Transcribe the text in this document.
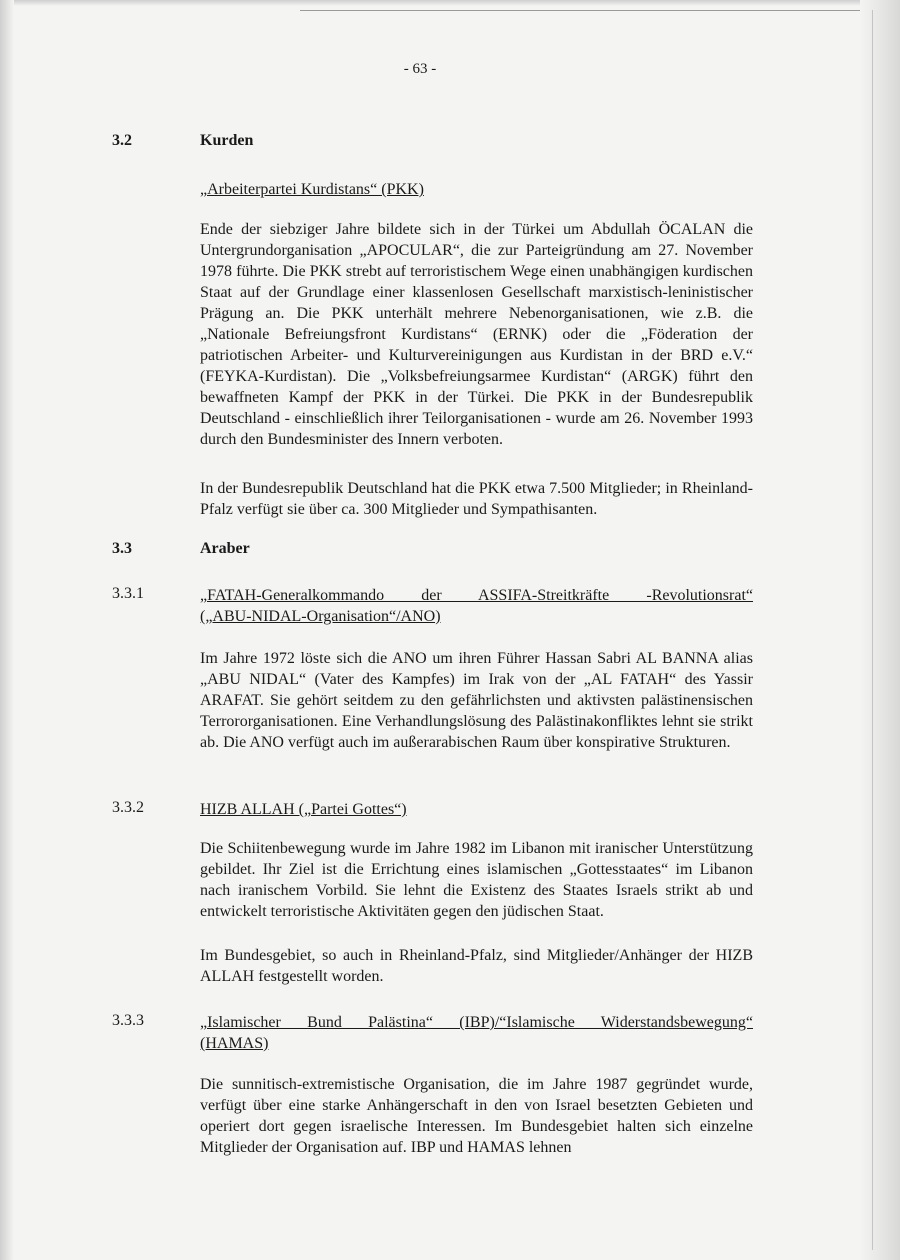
- 63 -
3.2	Kurden
„Arbeiterpartei Kurdistans“ (PKK)
Ende der siebziger Jahre bildete sich in der Türkei um Abdullah ÖCALAN die Untergrundorganisation „APOCULAR“, die zur Parteigründung am 27. November 1978 führte. Die PKK strebt auf terroristischem Wege einen unabhängigen kurdischen Staat auf der Grundlage einer klassenlosen Gesellschaft marxistisch-leninistischer Prägung an. Die PKK unterhält mehrere Nebenorganisationen, wie z.B. die „Nationale Befreiungsfront Kurdistans“ (ERNK) oder die „Föderation der patriotischen Arbeiter- und Kulturvereinigungen aus Kurdistan in der BRD e.V.“ (FEYKA-Kurdistan). Die „Volksbefreiungsarmee Kurdistan“ (ARGK) führt den bewaffneten Kampf der PKK in der Türkei. Die PKK in der Bundesrepublik Deutschland - einschließlich ihrer Teilorganisationen - wurde am 26. November 1993 durch den Bundesminister des Innern verboten.
In der Bundesrepublik Deutschland hat die PKK etwa 7.500 Mitglieder; in Rheinland-Pfalz verfügt sie über ca. 300 Mitglieder und Sympathisanten.
3.3	Araber
3.3.1	„FATAH-Generalkommando der ASSIFA-Streitkräfte -Revolutionsrat“
(„ABU-NIDAL-Organisation“/ANO)
Im Jahre 1972 löste sich die ANO um ihren Führer Hassan Sabri AL BANNA alias „ABU NIDAL“ (Vater des Kampfes) im Irak von der „AL FATAH“ des Yassir ARAFAT. Sie gehört seitdem zu den gefährlichsten und aktivsten palästinensischen Terrororganisationen. Eine Verhandlungslösung des Palästinakonfliktes lehnt sie strikt ab. Die ANO verfügt auch im außerarabischen Raum über konspirative Strukturen.
3.3.2	HIZB ALLAH („Partei Gottes“)
Die Schiitenbewegung wurde im Jahre 1982 im Libanon mit iranischer Unterstützung gebildet. Ihr Ziel ist die Errichtung eines islamischen „Gottesstaates“ im Libanon nach iranischem Vorbild. Sie lehnt die Existenz des Staates Israels strikt ab und entwickelt terroristische Aktivitäten gegen den jüdischen Staat.
Im Bundesgebiet, so auch in Rheinland-Pfalz, sind Mitglieder/Anhänger der HIZB ALLAH festgestellt worden.
3.3.3	„Islamischer Bund Palästina“ (IBP)/“Islamische Widerstandsbewegung“
(HAMAS)
Die sunnitisch-extremistische Organisation, die im Jahre 1987 gegründet wurde, verfügt über eine starke Anhängerschaft in den von Israel besetzten Gebieten und operiert dort gegen israelische Interessen. Im Bundesgebiet halten sich einzelne Mitglieder der Organisation auf. IBP und HAMAS lehnen
